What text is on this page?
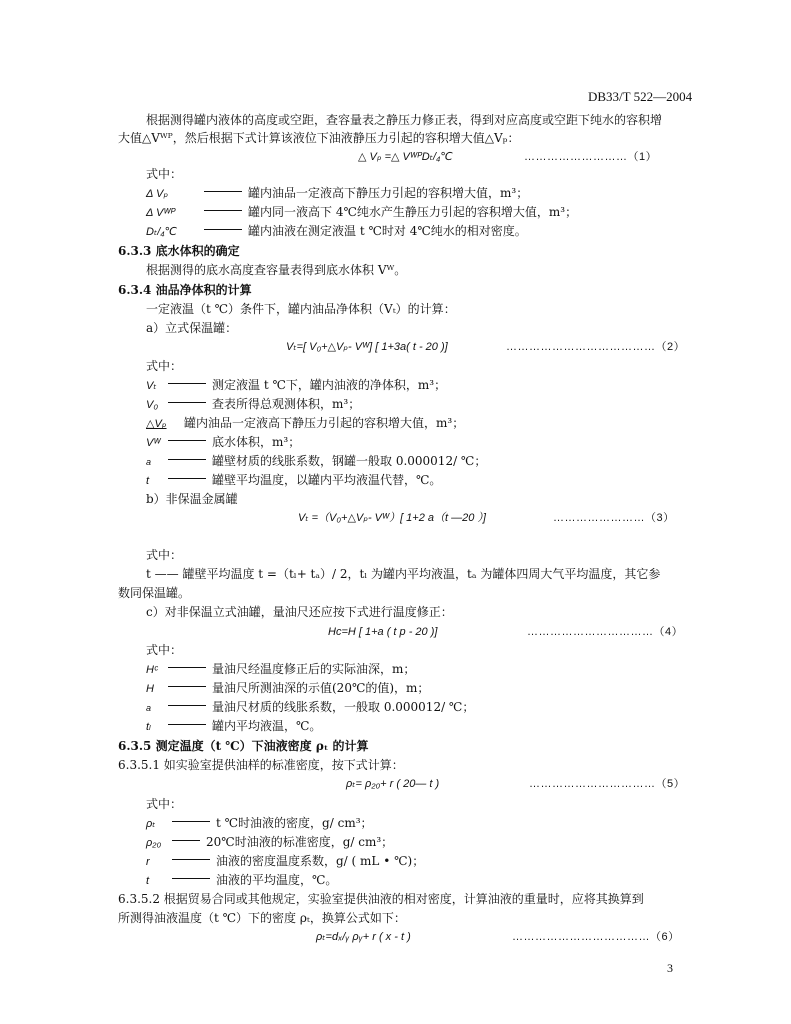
DB33/T 522—2004
根据测得罐内液体的高度或空距，查容量表之静压力修正表，得到对应高度或空距下纯水的容积增
大值△Vᵂᴾ，然后根据下式计算该液位下油液静压力引起的容积增大值△Vₚ：
△ Vₚ =△ VᵂᴾDₜ/₄℃	………………………（1）
式中：
Δ Vₚ	罐内油品一定液高下静压力引起的容积增大值，m³；
Δ Vᵂᴾ	罐内同一液高下 4℃纯水产生静压力引起的容积增大值，m³；
Dₜ/₄℃	罐内油液在测定液温 t ℃时对 4℃纯水的相对密度。
6.3.3 底水体积的确定
根据测得的底水高度查容量表得到底水体积 Vᵂ。
6.3.4 油品净体积的计算
一定液温（t ℃）条件下，罐内油品净体积（Vₜ）的计算：
a）立式保温罐：
Vₜ=[ V₀+△Vₚ- Vᵂ] [ 1+3a( t - 20 )]	…………………………………（2）
式中：
Vₜ	测定液温 t ℃下，罐内油液的净体积，m³；
V₀	查表所得总观测体积，m³；
△Vₚ 罐内油品一定液高下静压力引起的容积增大值，m³；
Vᵂ	底水体积，m³；
a	罐壁材质的线胀系数，钢罐一般取 0.000012/ ℃；
t	罐壁平均温度，以罐内平均液温代替，℃。
b）非保温金属罐
Vₜ =（V₀+△Vₚ- Vᵂ）[ 1+2 a（t —20 ）]	……………………（3）
式中：
t —— 罐壁平均温度 t =（tₗ+ tₐ）/ 2，tₗ 为罐内平均液温，tₐ 为罐体四周大气平均温度，其它参
数同保温罐。
c）对非保温立式油罐，量油尺还应按下式进行温度修正：
Hc=H [ 1+a ( t p - 20 )]	……………………………（4）
式中：
Hᶜ	量油尺经温度修正后的实际油深，m；
H	量油尺所测油深的示值(20℃的值)，m；
a	量油尺材质的线胀系数，一般取 0.000012/ ℃；
tₗ	罐内平均液温，℃。
6.3.5 测定温度（t ℃）下油液密度 ρₜ 的计算
6.3.5.1 如实验室提供油样的标准密度，按下式计算：
ρₜ= ρ₂₀+ r ( 20— t )	……………………………（5）
式中：
ρₜ	t ℃时油液的密度，g/ cm³；
ρ₂₀	20℃时油液的标准密度，g/ cm³；
r	油液的密度温度系数，g/ ( mL • ℃)；
t	油液的平均温度，℃。
6.3.5.2 根据贸易合同或其他规定，实验室提供油液的相对密度，计算油液的重量时，应将其换算到
所测得油液温度（t ℃）下的密度 ρₜ，换算公式如下：
ρₜ=dₓ/ᵧ ρᵧ+ r ( x - t )	………………………………（6）
3
